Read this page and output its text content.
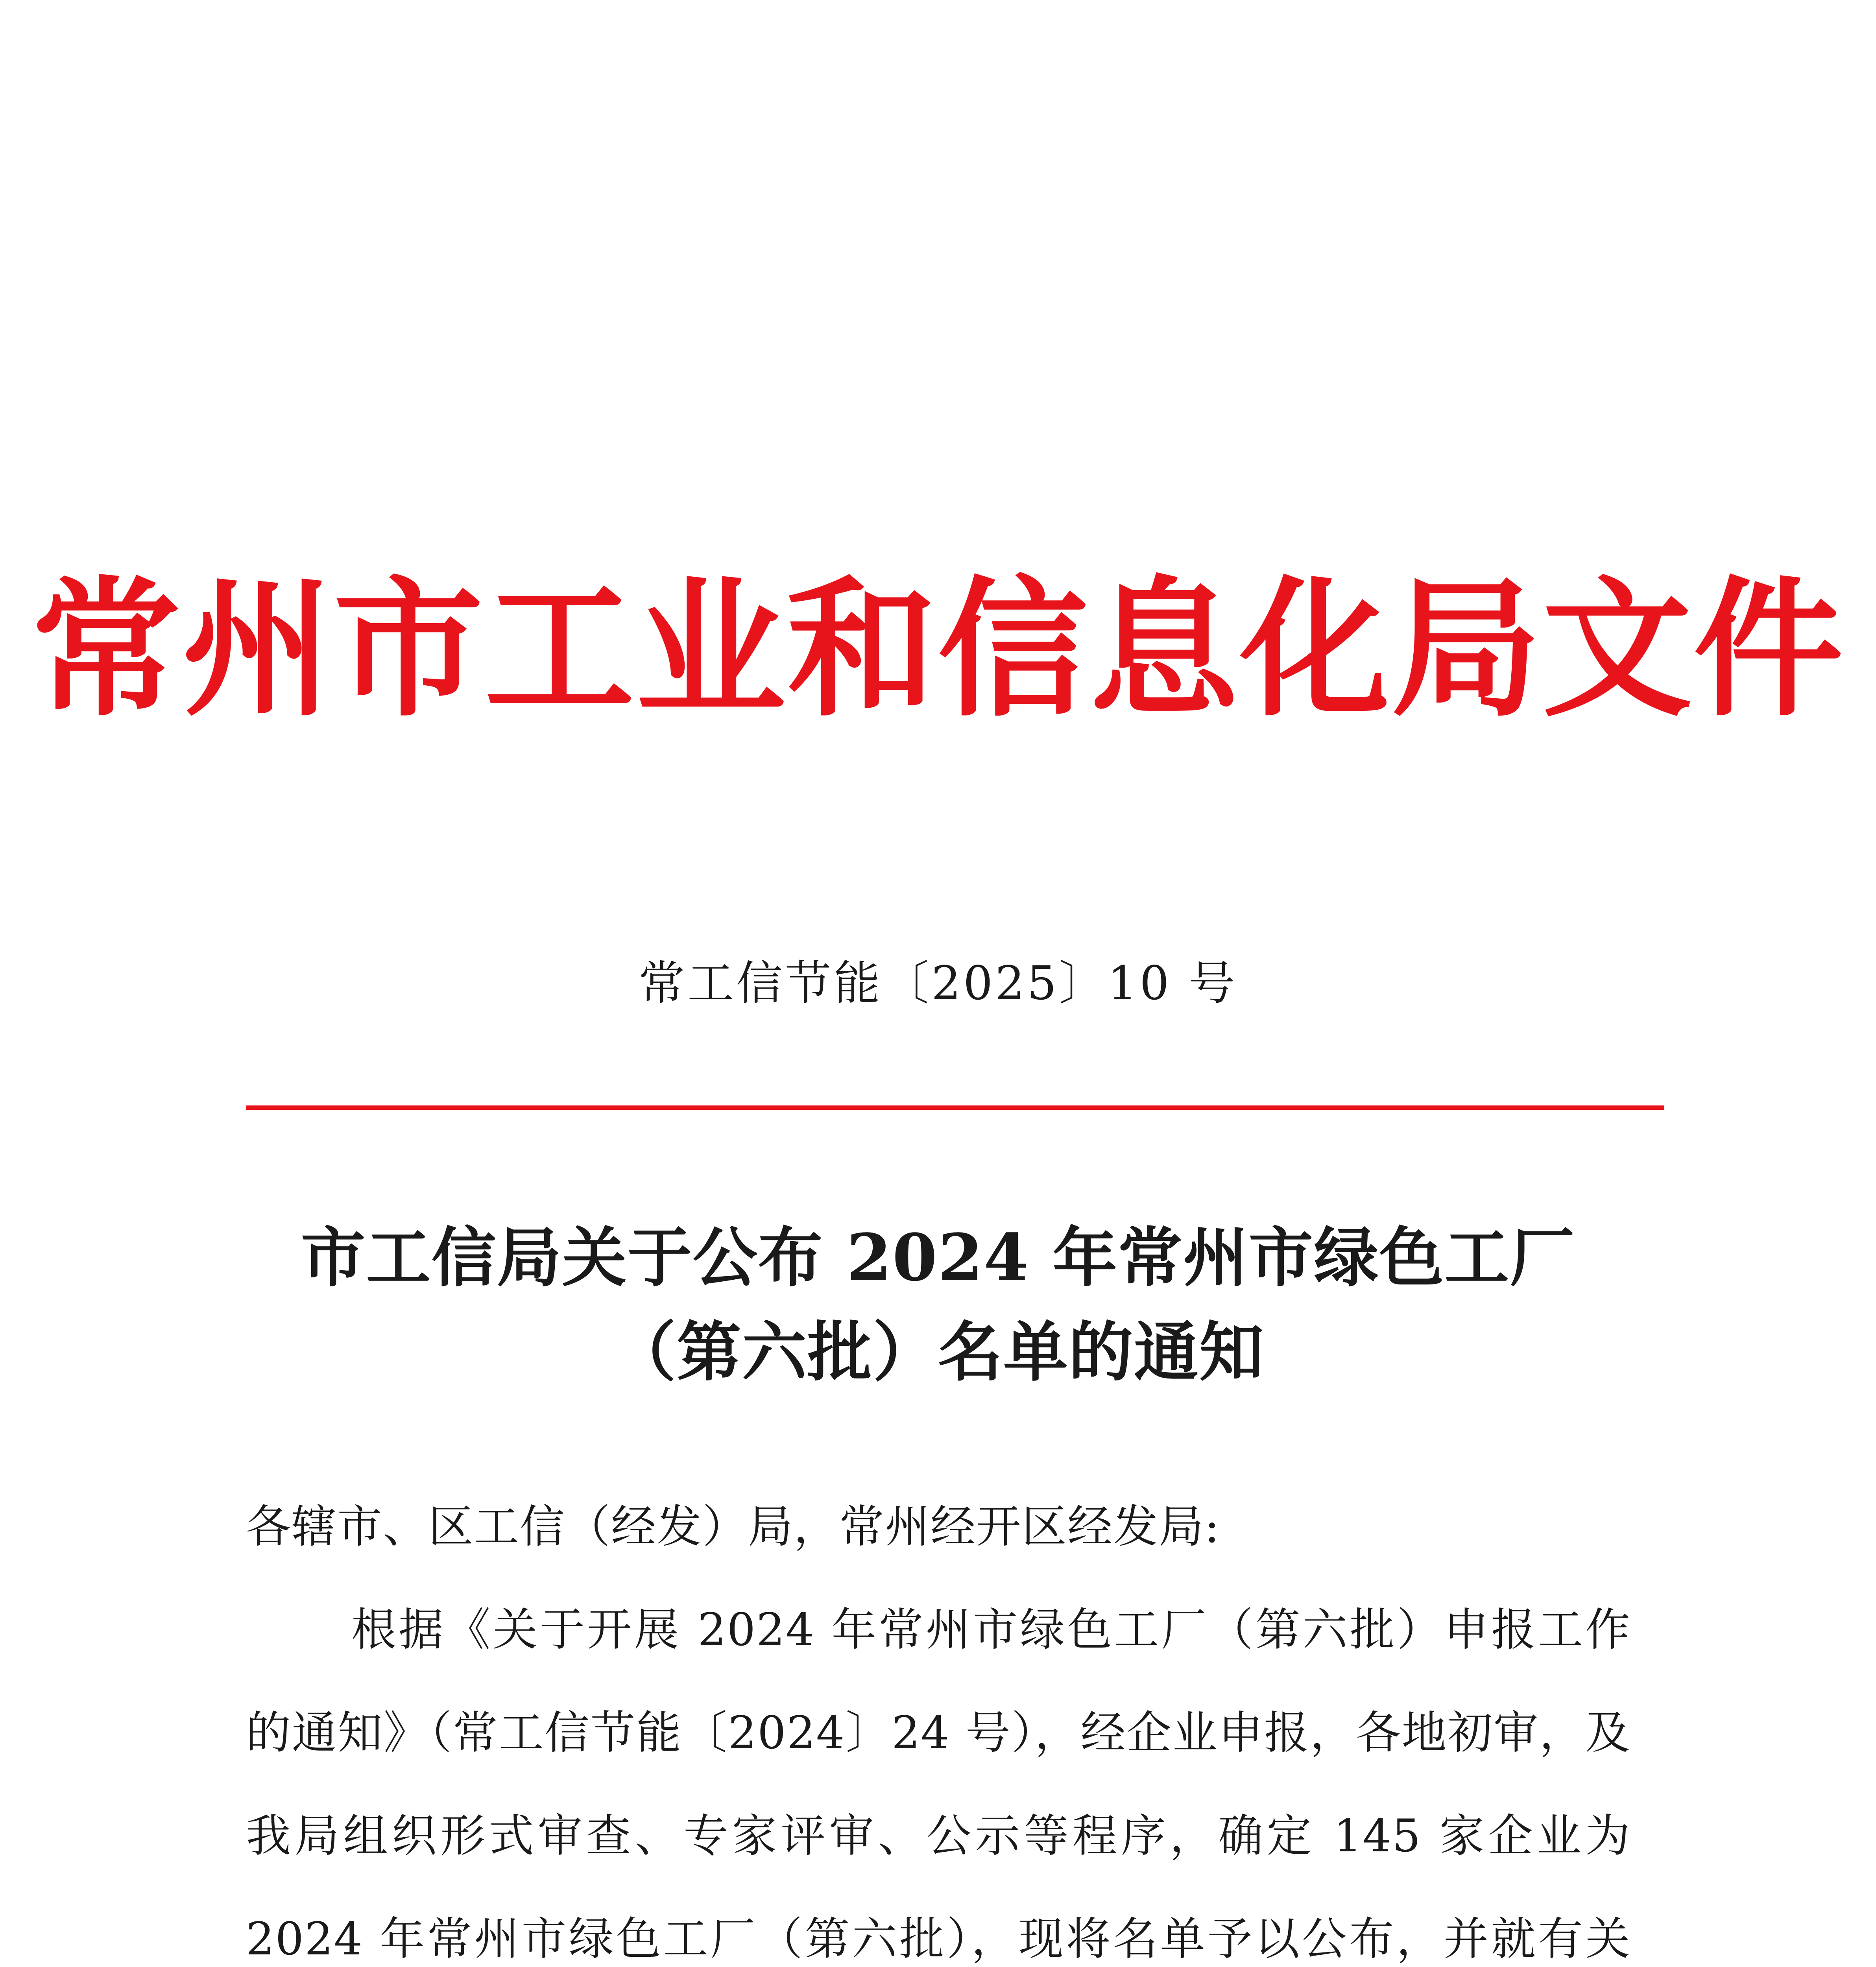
常州市工业和信息化局文件
常工信节能〔2025〕10 号
市工信局关于公布 2024 年常州市绿色工厂
（第六批）名单的通知

各辖市、区工信（经发）局，常州经开区经发局:

根据《关于开展 2024 年常州市绿色工厂（第六批）申报工作的通知》（常工信节能〔2024〕24 号），经企业申报，各地初审，及我局组织形式审查、专家评审、公示等程序，确定 145 家企业为 2024 年常州市绿色工厂（第六批），现将名单予以公布，并就有关
